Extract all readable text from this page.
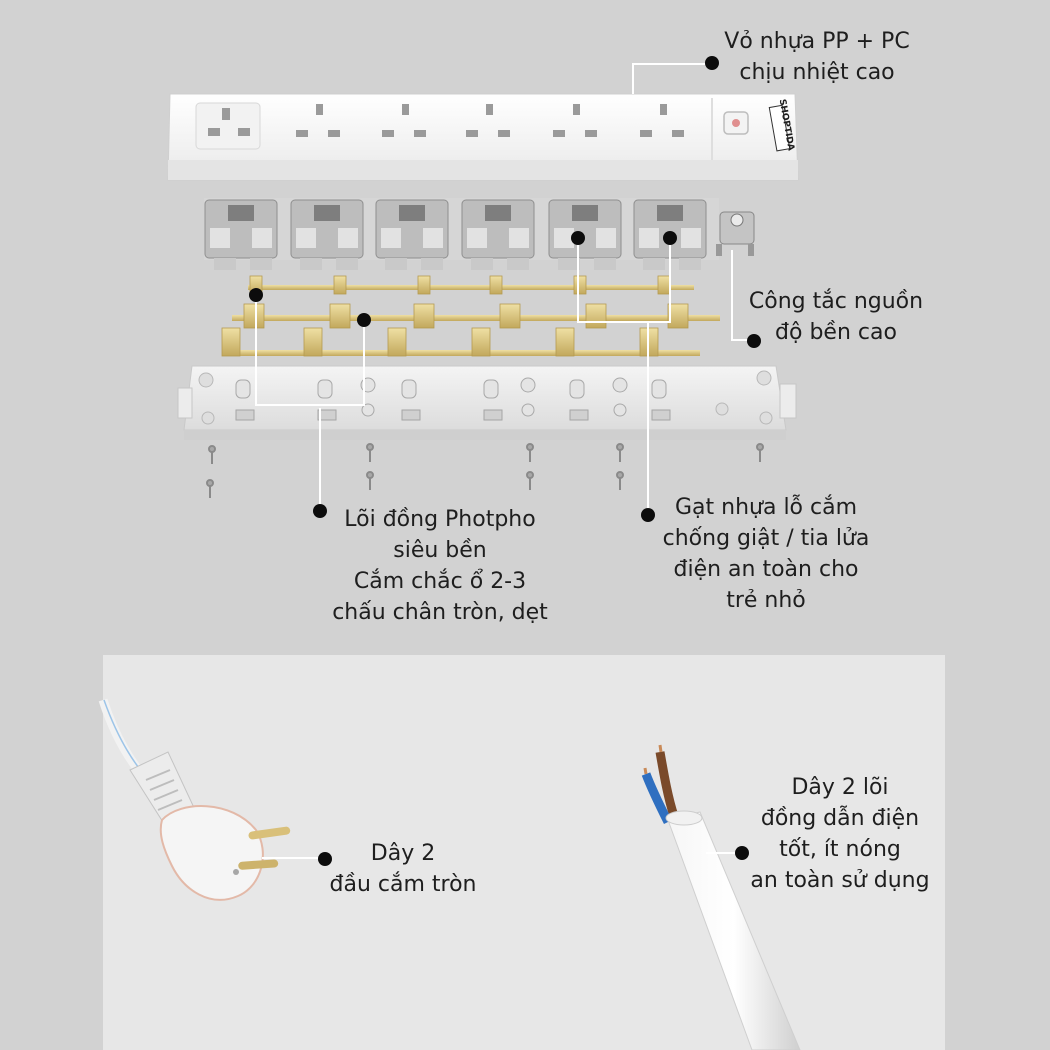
SHOPTIDA
Vỏ nhựa PP + PC
chịu nhiệt cao
Công tắc nguồn
độ bền cao
Lõi đồng Photpho
siêu bền
Cắm chắc ổ 2-3
chấu chân tròn, dẹt
Gạt nhựa lỗ cắm
chống giật / tia lửa
điện an toàn cho
trẻ nhỏ
Dây 2
đầu cắm tròn
Dây 2 lõi
đồng dẫn điện
tốt, ít nóng
an toàn sử dụng
